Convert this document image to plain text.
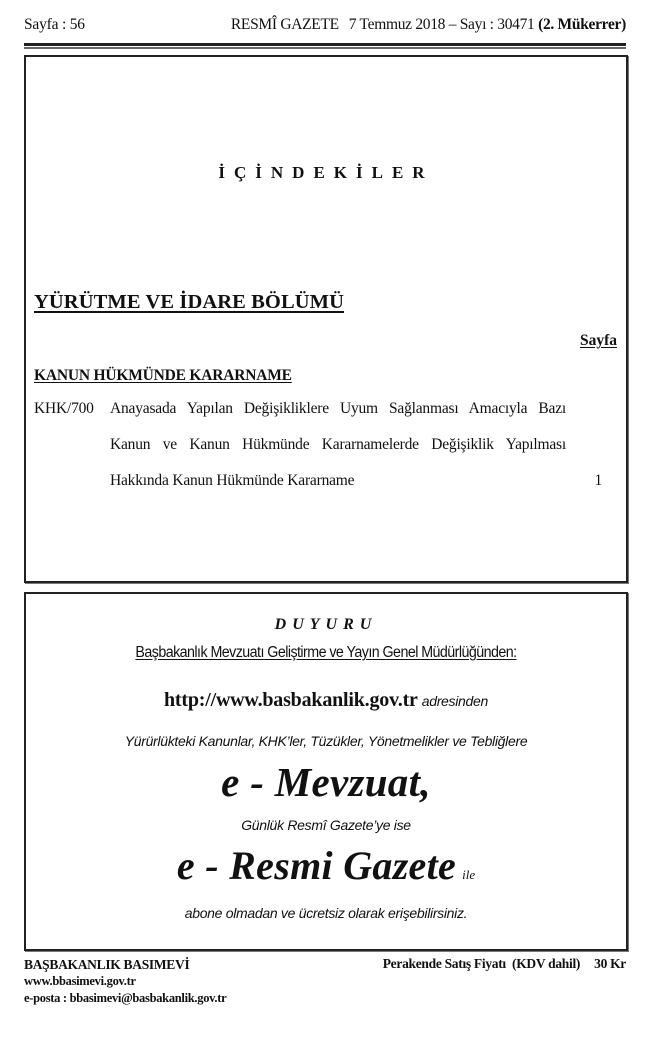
Sayfa : 56	RESMÎ GAZETE 7 Temmuz 2018 – Sayı : 30471 (2. Mükerrer)
İÇİNDEKİLER
YÜRÜTME VE İDARE BÖLÜMÜ
Sayfa
KANUN HÜKMÜNDE KARARNAME
KHK/700 Anayasada Yapılan Değişikliklere Uyum Sağlanması Amacıyla Bazı
Kanun ve Kanun Hükmünde Kararnamelerde Değişiklik Yapılması
Hakkında Kanun Hükmünde Kararname	1
DUYURU
Başbakanlık Mevzuatı Geliştirme ve Yayın Genel Müdürlüğünden:
http://www.basbakanlik.gov.tr adresinden
Yürürlükteki Kanunlar, KHK’ler, Tüzükler, Yönetmelikler ve Tebliğlere
e - Mevzuat,
Günlük Resmî Gazete’ye ise
e - Resmi Gazete ile
abone olmadan ve ücretsiz olarak erişebilirsiniz.
BAŞBAKANLIK BASIMEVİ
www.bbasimevi.gov.tr
e-posta : bbasimevi@basbakanlik.gov.tr
Perakende Satış Fiyatı  (KDV dahil) 30 Kr
